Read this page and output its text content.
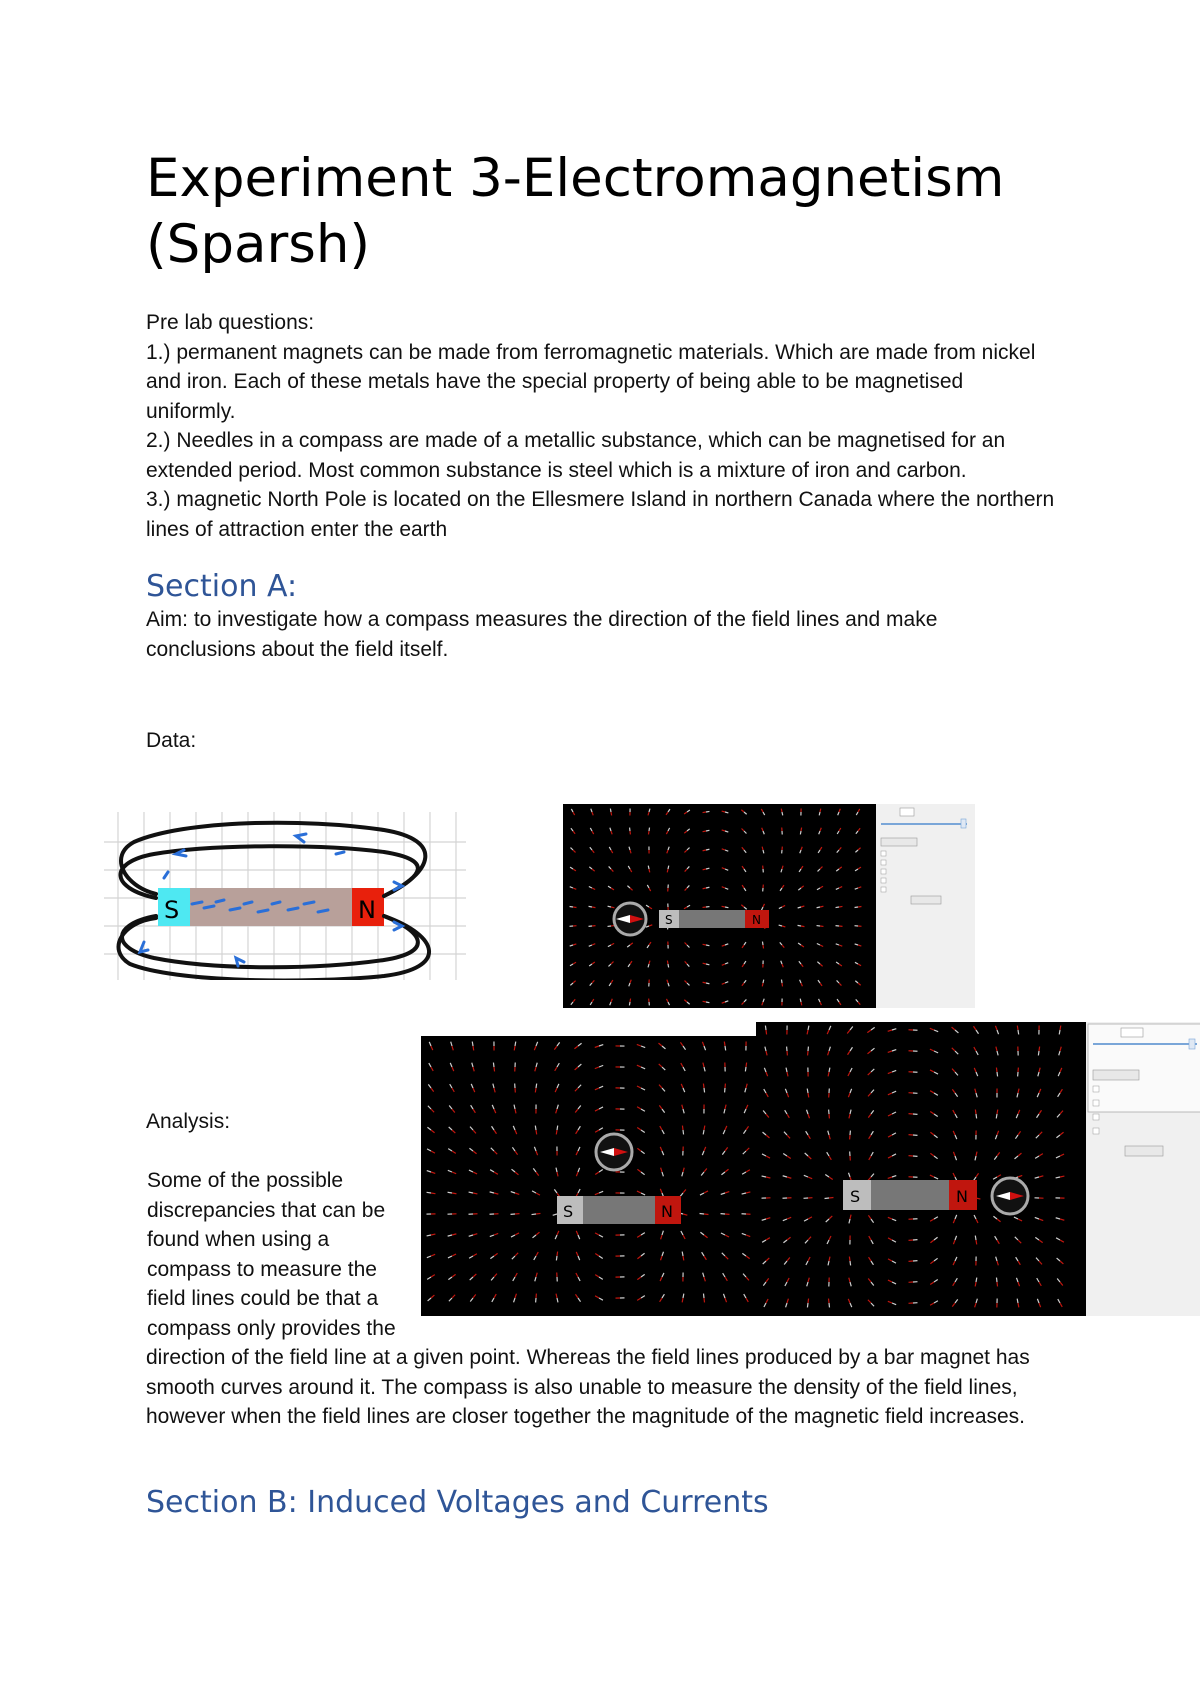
Experiment 3-Electromagnetism (Sparsh)

Pre lab questions:

1.) permanent magnets can be made from ferromagnetic materials. Which are made from nickel and iron. Each of these metals have the special property of being able to be magnetised uniformly.

2.) Needles in a compass are made of a metallic substance, which can be magnetised for an extended period. Most common substance is steel which is a mixture of iron and carbon.

3.) magnetic North Pole is located on the Ellesmere Island in northern Canada where the northern lines of attraction enter the earth

Section A:

Aim: to investigate how a compass measures the direction of the field lines and make conclusions about the field itself.

Data:
S	N	S	N
S	N
S	N
Analysis:

Some of the possible discrepancies that can be found when using a compass to measure the field lines could be that a compass only provides the direction of the field line at a given point. Whereas the field lines produced by a bar magnet has smooth curves around it. The compass is also unable to measure the density of the field lines, however when the field lines are closer together the magnitude of the magnetic field increases.

Section B: Induced Voltages and Currents
